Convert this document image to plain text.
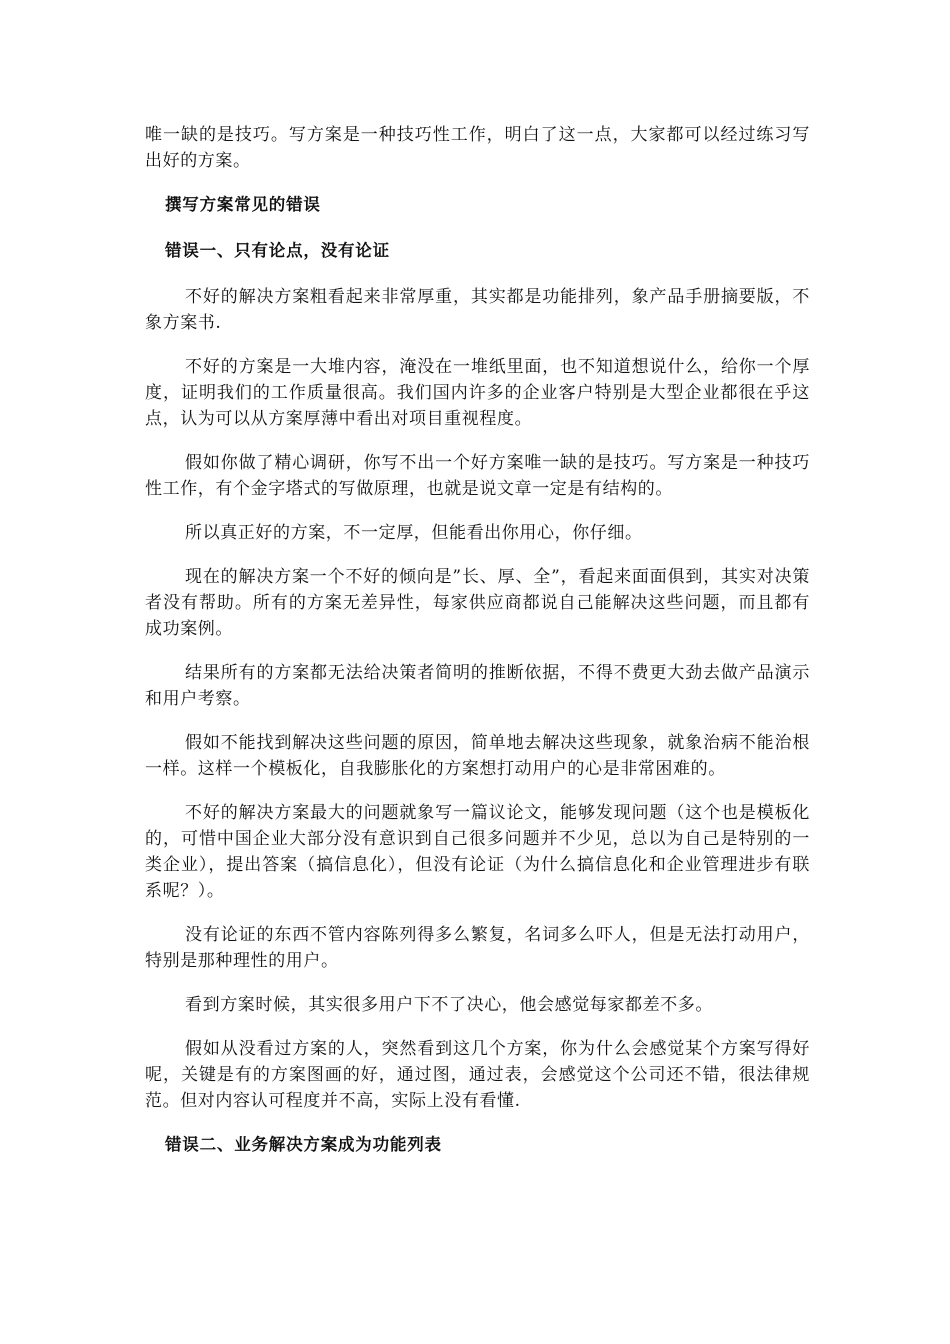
唯一缺的是技巧。写方案是一种技巧性工作，明白了这一点，大家都可以经过练习写出好的方案。

撰写方案常见的错误
错误一、只有论点，没有论证

不好的解决方案粗看起来非常厚重，其实都是功能排列，象产品手册摘要版，不象方案书.

不好的方案是一大堆内容，淹没在一堆纸里面，也不知道想说什么，给你一个厚度，证明我们的工作质量很高。我们国内许多的企业客户特别是大型企业都很在乎这点，认为可以从方案厚薄中看出对项目重视程度。

假如你做了精心调研，你写不出一个好方案唯一缺的是技巧。写方案是一种技巧性工作，有个金字塔式的写做原理，也就是说文章一定是有结构的。

所以真正好的方案，不一定厚，但能看出你用心，你仔细。

现在的解决方案一个不好的倾向是”长、厚、全”，看起来面面俱到，其实对决策者没有帮助。所有的方案无差异性，每家供应商都说自己能解决这些问题，而且都有成功案例。

结果所有的方案都无法给决策者简明的推断依据，不得不费更大劲去做产品演示和用户考察。

假如不能找到解决这些问题的原因，简单地去解决这些现象，就象治病不能治根一样。这样一个模板化，自我膨胀化的方案想打动用户的心是非常困难的。

不好的解决方案最大的问题就象写一篇议论文，能够发现问题（这个也是模板化的，可惜中国企业大部分没有意识到自己很多问题并不少见，总以为自己是特别的一类企业），提出答案（搞信息化），但没有论证（为什么搞信息化和企业管理进步有联系呢？）。

没有论证的东西不管内容陈列得多么繁复，名词多么吓人，但是无法打动用户，特别是那种理性的用户。

看到方案时候，其实很多用户下不了决心，他会感觉每家都差不多。

假如从没看过方案的人，突然看到这几个方案，你为什么会感觉某个方案写得好呢，关键是有的方案图画的好，通过图，通过表，会感觉这个公司还不错，很法律规范。但对内容认可程度并不高，实际上没有看懂.

错误二、业务解决方案成为功能列表
